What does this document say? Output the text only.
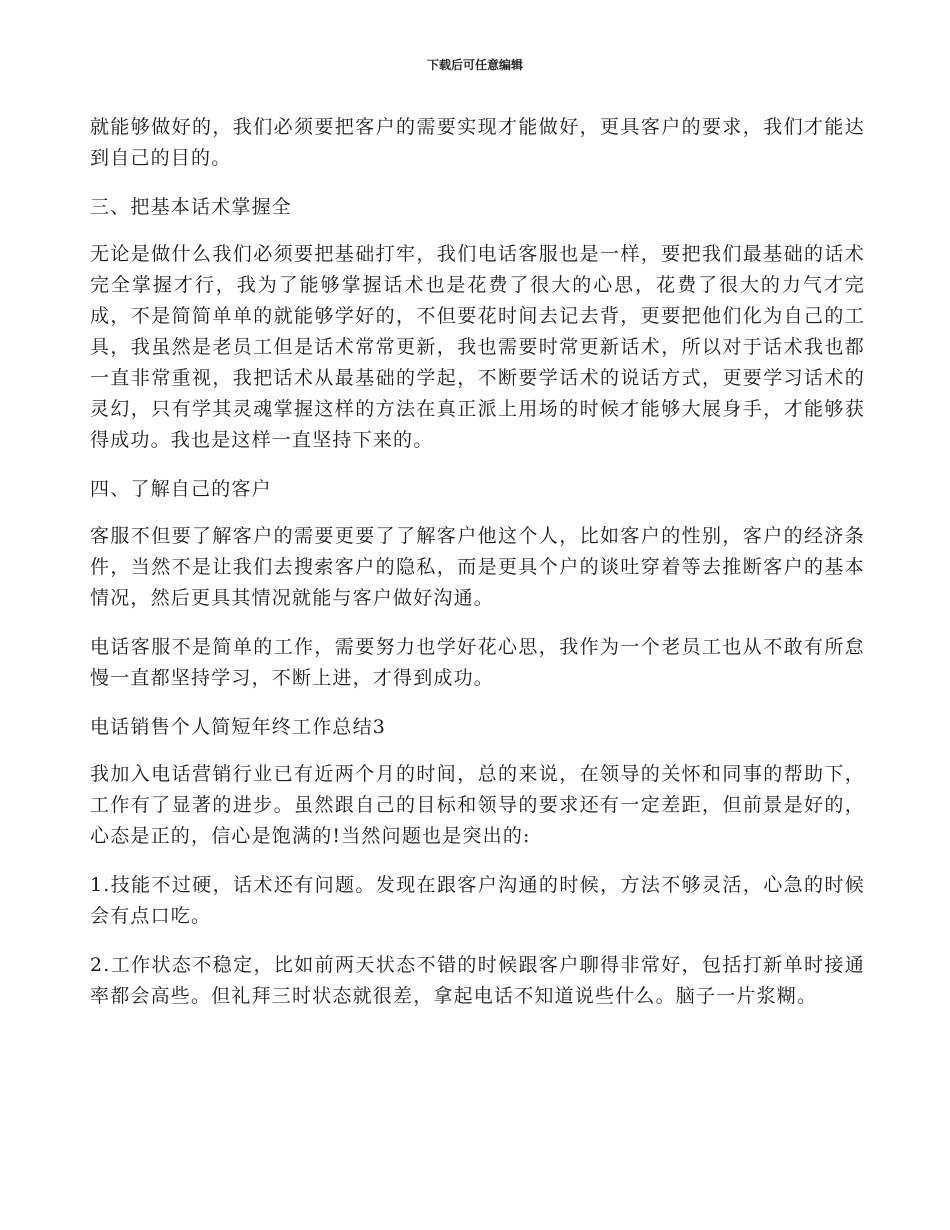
下载后可任意编辑

就能够做好的，我们必须要把客户的需要实现才能做好，更具客户的要求，我们才能达到自己的目的。

三、把基本话术掌握全

无论是做什么我们必须要把基础打牢，我们电话客服也是一样，要把我们最基础的话术完全掌握才行，我为了能够掌握话术也是花费了很大的心思，花费了很大的力气才完成，不是简简单单的就能够学好的，不但要花时间去记去背，更要把他们化为自己的工具，我虽然是老员工但是话术常常更新，我也需要时常更新话术，所以对于话术我也都一直非常重视，我把话术从最基础的学起，不断要学话术的说话方式，更要学习话术的灵幻，只有学其灵魂掌握这样的方法在真正派上用场的时候才能够大展身手，才能够获得成功。我也是这样一直坚持下来的。

四、了解自己的客户

客服不但要了解客户的需要更要了了解客户他这个人，比如客户的性别，客户的经济条件，当然不是让我们去搜索客户的隐私，而是更具个户的谈吐穿着等去推断客户的基本情况，然后更具其情况就能与客户做好沟通。

电话客服不是简单的工作，需要努力也学好花心思，我作为一个老员工也从不敢有所怠慢一直都坚持学习，不断上进，才得到成功。

电话销售个人简短年终工作总结3

我加入电话营销行业已有近两个月的时间，总的来说，在领导的关怀和同事的帮助下，工作有了显著的进步。虽然跟自己的目标和领导的要求还有一定差距，但前景是好的，心态是正的，信心是饱满的!当然问题也是突出的:

1.技能不过硬，话术还有问题。发现在跟客户沟通的时候，方法不够灵活，心急的时候会有点口吃。

2.工作状态不稳定，比如前两天状态不错的时候跟客户聊得非常好，包括打新单时接通率都会高些。但礼拜三时状态就很差，拿起电话不知道说些什么。脑子一片浆糊。
